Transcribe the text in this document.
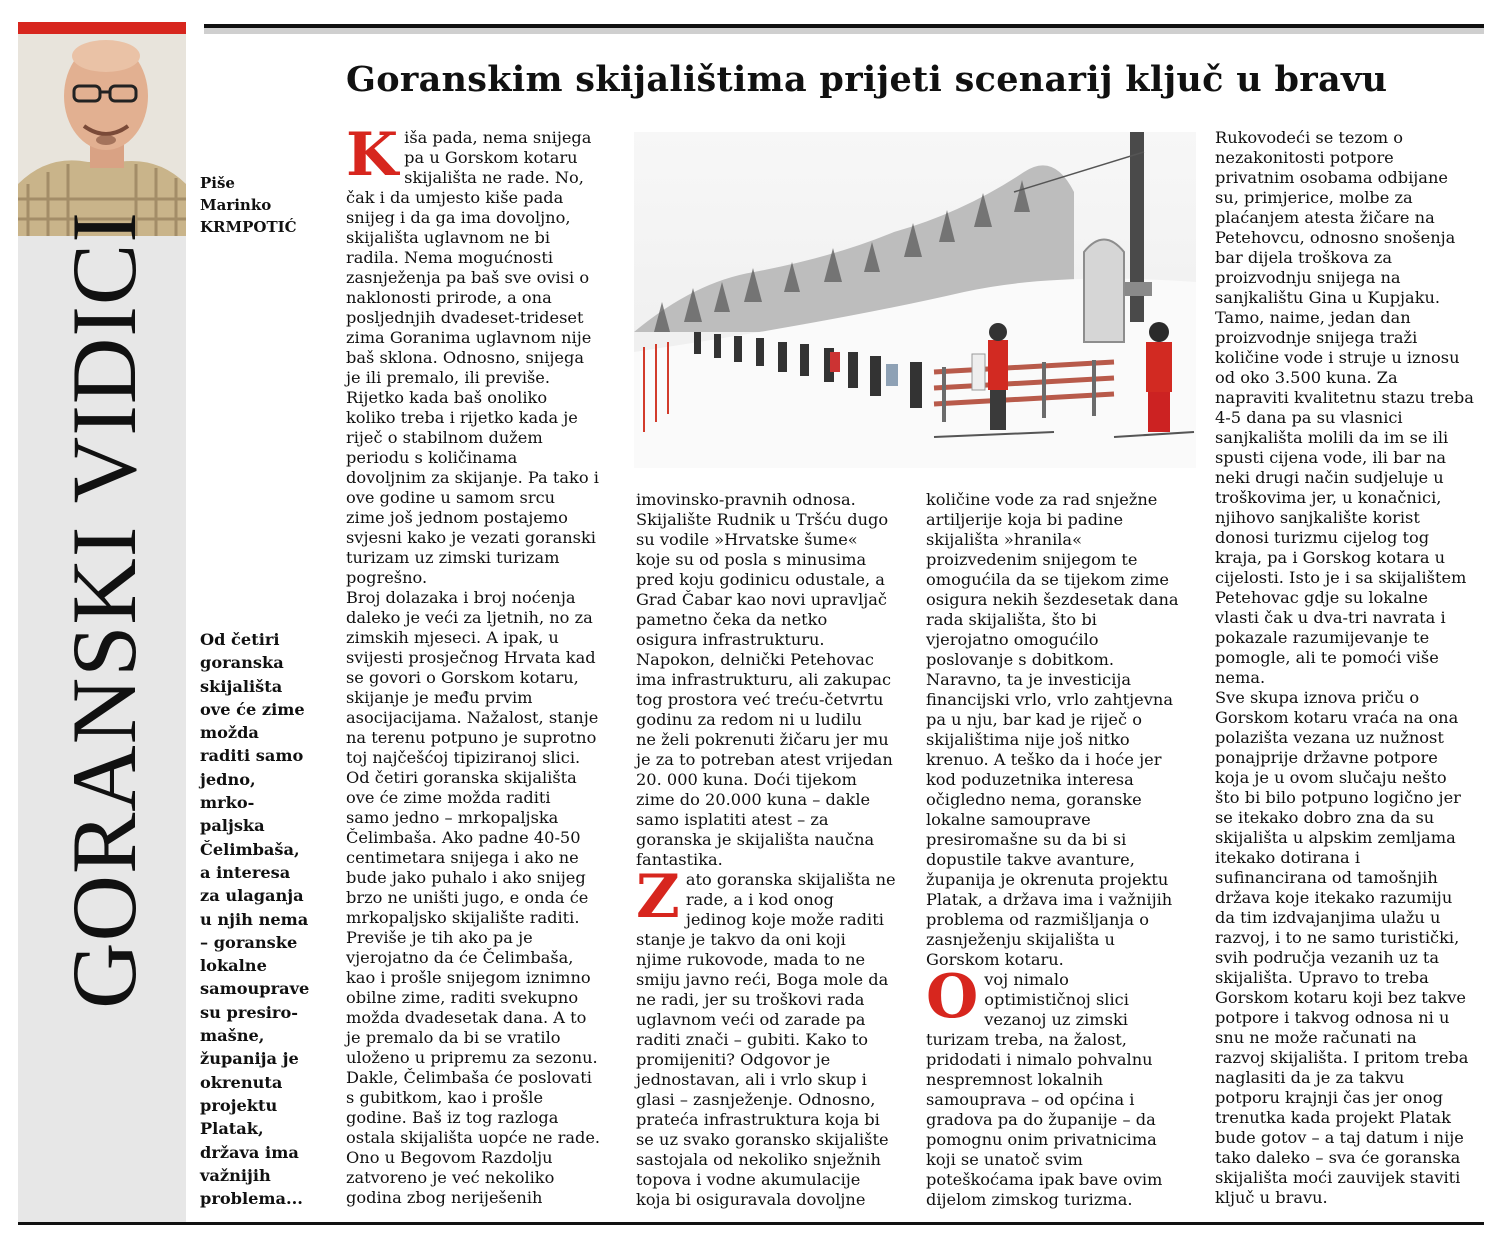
GORANSKI VIDICI
Piše
Marinko
KRMPOTIĆ
Od četiri
goranska
skijališta
ove će zime
možda
raditi samo
jedno,
mrko-
paljska
Čelimbaša,
a interesa
za ulaganja
u njih nema
– goranske
lokalne
samouprave
su presiro-
mašne,
županija je
okrenuta
projektu
Platak,
država ima
važnijih
problema...
Goranskim skijalištima prijeti scenarij ključ u bravu
K iša pada, nema snijega

pa u Gorskom kotaru

skijališta ne rade. No,

čak i da umjesto kiše pada

snijeg i da ga ima dovoljno,

skijališta uglavnom ne bi

radila. Nema mogućnosti

zasnježenja pa baš sve ovisi o

naklonosti prirode, a ona

posljednjih dvadeset-trideset

zima Goranima uglavnom nije

baš sklona. Odnosno, snijega

je ili premalo, ili previše.

Rijetko kada baš onoliko

koliko treba i rijetko kada je

riječ o stabilnom dužem

periodu s količinama

dovoljnim za skijanje. Pa tako i

ove godine u samom srcu

zime još jednom postajemo

svjesni kako je vezati goranski

turizam uz zimski turizam

pogrešno.

Broj dolazaka i broj noćenja

daleko je veći za ljetnih, no za

zimskih mjeseci. A ipak, u

svijesti prosječnog Hrvata kad

se govori o Gorskom kotaru,

skijanje je među prvim

asocijacijama. Nažalost, stanje

na terenu potpuno je suprotno

toj najčešćoj tipiziranoj slici.

Od četiri goranska skijališta

ove će zime možda raditi

samo jedno – mrkopaljska

Čelimbaša. Ako padne 40-50

centimetara snijega i ako ne

bude jako puhalo i ako snijeg

brzo ne uništi jugo, e onda će

mrkopaljsko skijalište raditi.

Previše je tih ako pa je

vjerojatno da će Čelimbaša,

kao i prošle snijegom iznimno

obilne zime, raditi svekupno

možda dvadesetak dana. A to

je premalo da bi se vratilo

uloženo u pripremu za sezonu.

Dakle, Čelimbaša će poslovati

s gubitkom, kao i prošle

godine. Baš iz tog razloga

ostala skijališta uopće ne rade.

Ono u Begovom Razdolju

zatvoreno je već nekoliko

godina zbog neriješenih

imovinsko-pravnih odnosa.

Skijalište Rudnik u Tršću dugo

su vodile »Hrvatske šume«

koje su od posla s minusima

pred koju godinicu odustale, a

Grad Čabar kao novi upravljač

pametno čeka da netko

osigura infrastrukturu.

Napokon, delnički Petehovac

ima infrastrukturu, ali zakupac

tog prostora već treću-četvrtu

godinu za redom ni u ludilu

ne želi pokrenuti žičaru jer mu

je za to potreban atest vrijedan

20. 000 kuna. Doći tijekom

zime do 20.000 kuna – dakle

samo isplatiti atest – za

goranska je skijališta naučna

fantastika.

Z ato goranska skijališta ne

rade, a i kod onog

jedinog koje može raditi

stanje je takvo da oni koji

njime rukovode, mada to ne

smiju javno reći, Boga mole da

ne radi, jer su troškovi rada

uglavnom veći od zarade pa

raditi znači – gubiti. Kako to

promijeniti? Odgovor je

jednostavan, ali i vrlo skup i

glasi – zasnježenje. Odnosno,

prateća infrastruktura koja bi

se uz svako goransko skijalište

sastojala od nekoliko snježnih

topova i vodne akumulacije

koja bi osiguravala dovoljne

količine vode za rad snježne

artiljerije koja bi padine

skijališta »hranila«

proizvedenim snijegom te

omogućila da se tijekom zime

osigura nekih šezdesetak dana

rada skijališta, što bi

vjerojatno omogućilo

poslovanje s dobitkom.

Naravno, ta je investicija

financijski vrlo, vrlo zahtjevna

pa u nju, bar kad je riječ o

skijalištima nije još nitko

krenuo. A teško da i hoće jer

kod poduzetnika interesa

očigledno nema, goranske

lokalne samouprave

presiromašne su da bi si

dopustile takve avanture,

županija je okrenuta projektu

Platak, a država ima i važnijih

problema od razmišljanja o

zasnježenju skijališta u

Gorskom kotaru.

O voj nimalo

optimističnoj slici

vezanoj uz zimski

turizam treba, na žalost,

pridodati i nimalo pohvalnu

nespremnost lokalnih

samouprava – od općina i

gradova pa do županije – da

pomognu onim privatnicima

koji se unatoč svim

poteškoćama ipak bave ovim

dijelom zimskog turizma.

Rukovodeći se tezom o

nezakonitosti potpore

privatnim osobama odbijane

su, primjerice, molbe za

plaćanjem atesta žičare na

Petehovcu, odnosno snošenja

bar dijela troškova za

proizvodnju snijega na

sanjkalištu Gina u Kupjaku.

Tamo, naime, jedan dan

proizvodnje snijega traži

količine vode i struje u iznosu

od oko 3.500 kuna. Za

napraviti kvalitetnu stazu treba

4-5 dana pa su vlasnici

sanjkališta molili da im se ili

spusti cijena vode, ili bar na

neki drugi način sudjeluje u

troškovima jer, u konačnici,

njihovo sanjkalište korist

donosi turizmu cijelog tog

kraja, pa i Gorskog kotara u

cijelosti. Isto je i sa skijalištem

Petehovac gdje su lokalne

vlasti čak u dva-tri navrata i

pokazale razumijevanje te

pomogle, ali te pomoći više

nema.

Sve skupa iznova priču o

Gorskom kotaru vraća na ona

polazišta vezana uz nužnost

ponajprije državne potpore

koja je u ovom slučaju nešto

što bi bilo potpuno logično jer

se itekako dobro zna da su

skijališta u alpskim zemljama

itekako dotirana i

sufinancirana od tamošnjih

država koje itekako razumiju

da tim izdvajanjima ulažu u

razvoj, i to ne samo turistički,

svih područja vezanih uz ta

skijališta. Upravo to treba

Gorskom kotaru koji bez takve

potpore i takvog odnosa ni u

snu ne može računati na

razvoj skijališta. I pritom treba

naglasiti da je za takvu

potporu krajnji čas jer onog

trenutka kada projekt Platak

bude gotov – a taj datum i nije

tako daleko – sva će goranska

skijališta moći zauvijek staviti

ključ u bravu.
